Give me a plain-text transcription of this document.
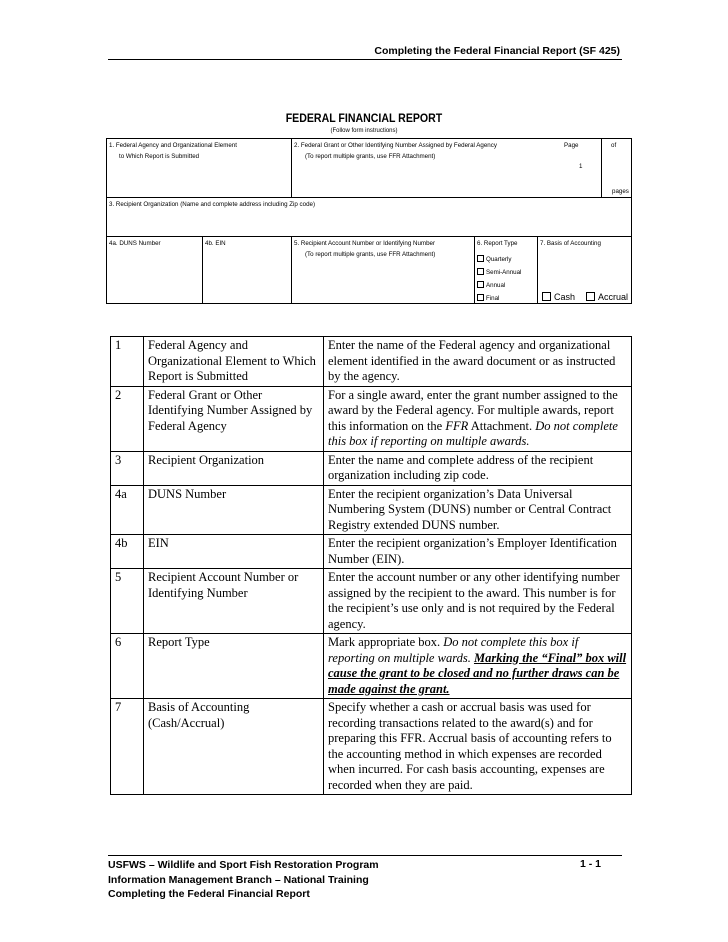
Completing the Federal Financial Report (SF 425)
FEDERAL FINANCIAL REPORT
(Follow form instructions)
1. Federal Agency and Organizational Element
to Which Report is Submitted
2. Federal Grant or Other Identifying Number Assigned by Federal Agency
(To report multiple grants, use FFR Attachment)
Page	of
1
pages
3. Recipient Organization (Name and complete address including Zip code)
4a. DUNS Number	4b. EIN	5. Recipient Account Number or Identifying Number
(To report multiple grants, use FFR Attachment)
6. Report Type
Quarterly
Semi-Annual
Annual
Final
7. Basis of Accounting
Cash	Accrual
1	Federal Agency and Organizational Element to Which Report is Submitted	Enter the name of the Federal agency and organizational element identified in the award document or as instructed by the agency.
2	Federal Grant or Other Identifying Number Assigned by Federal Agency	For a single award, enter the grant number assigned to the award by the Federal agency. For multiple awards, report this information on the FFR Attachment. Do not complete this box if reporting on multiple awards.
3	Recipient Organization	Enter the name and complete address of the recipient organization including zip code.
4a	DUNS Number	Enter the recipient organization’s Data Universal Numbering System (DUNS) number or Central Contract Registry extended DUNS number.
4b	EIN	Enter the recipient organization’s Employer Identification Number (EIN).
5	Recipient Account Number or Identifying Number	Enter the account number or any other identifying number assigned by the recipient to the award. This number is for the recipient’s use only and is not required by the Federal agency.
6	Report Type	Mark appropriate box. Do not complete this box if reporting on multiple wards. Marking the “Final” box will cause the grant to be closed and no further draws can be made against the grant.
7	Basis of Accounting (Cash/Accrual)	Specify whether a cash or accrual basis was used for recording transactions related to the award(s) and for preparing this FFR. Accrual basis of accounting refers to the accounting method in which expenses are recorded when incurred. For cash basis accounting, expenses are recorded when they are paid.
USFWS – Wildlife and Sport Fish Restoration Program
Information Management Branch – National Training
Completing the Federal Financial Report
1 - 1
